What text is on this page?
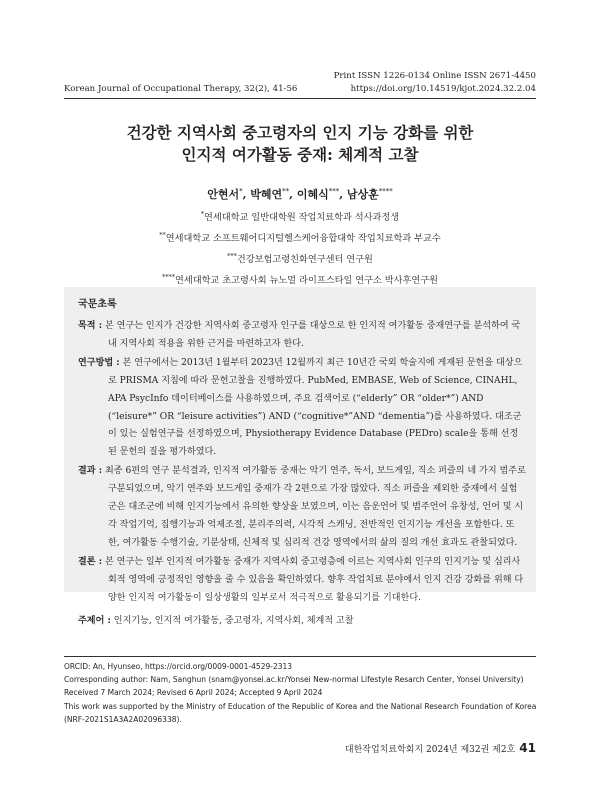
Print ISSN 1226-0134 Online ISSN 2671-4450
Korean Journal of Occupational Therapy, 32(2), 41-56	https://doi.org/10.14519/kjot.2024.32.2.04
건강한 지역사회 중고령자의 인지 기능 강화를 위한
인지적 여가활동 중재: 체계적 고찰
안현서*, 박혜연**, 이혜식***, 남상훈****
*연세대학교 일반대학원 작업치료학과 석사과정생
**연세대학교 소프트웨어디지털헬스케어융합대학 작업치료학과 부교수
***건강보험고령친화연구센터 연구원
****연세대학교 초고령사회 뉴노멀 라이프스타일 연구소 박사후연구원
국문초록
목적 : 본 연구는 인지가 건강한 지역사회 중고령자 인구를 대상으로 한 인지적 여가활동 중재연구를 분석하여 국내 지역사회 적용을 위한 근거를 마련하고자 한다.
연구방법 : 본 연구에서는 2013년 1월부터 2023년 12월까지 최근 10년간 국외 학술지에 게재된 문헌을 대상으로 PRISMA 지침에 따라 문헌고찰을 진행하였다. PubMed, EMBASE, Web of Science, CINAHL, APA PsycInfo 데이터베이스를 사용하였으며, 주요 검색어로 (“elderly” OR “older*”) AND (“leisure*” OR “leisure activities”) AND (“cognitive*”AND “dementia”)를 사용하였다. 대조군이 있는 실험연구를 선정하였으며, Physiotherapy Evidence Database (PEDro) scale을 통해 선정된 문헌의 질을 평가하였다.
결과 : 최종 6편의 연구 분석결과, 인지적 여가활동 중재는 악기 연주, 독서, 보드게임, 직소 퍼즐의 네 가지 범주로 구분되었으며, 악기 연주와 보드게임 중재가 각 2편으로 가장 많았다. 직소 퍼즐을 제외한 중재에서 실험군은 대조군에 비해 인지기능에서 유의한 향상을 보였으며, 이는 음운언어 및 범주언어 유창성, 언어 및 시각 작업기억, 집행기능과 억제조절, 분리주의력, 시각적 스캐닝, 전반적인 인지기능 개선을 포함한다. 또한, 여가활동 수행기술, 기분상태, 신체적 및 심리적 건강 영역에서의 삶의 질의 개선 효과도 관찰되었다.
결론 : 본 연구는 일부 인지적 여가활동 중재가 지역사회 중고령층에 이르는 지역사회 인구의 인지기능 및 심리사회적 영역에 긍정적인 영향을 줄 수 있음을 확인하였다. 향후 작업치료 분야에서 인지 건강 강화를 위해 다양한 인지적 여가활동이 일상생활의 일부로서 적극적으로 활용되기를 기대한다.
주제어 : 인지기능, 인지적 여가활동, 중고령자, 지역사회, 체계적 고찰
ORCID: An, Hyunseo, https://orcid.org/0009-0001-4529-2313
Corresponding author: Nam, Sanghun (snam@yonsei.ac.kr/Yonsei New-normal Lifestyle Resarch Center, Yonsei University)
Received 7 March 2024; Revised 6 April 2024; Accepted 9 April 2024
This work was supported by the Ministry of Education of the Republic of Korea and the National Research Foundation of Korea
(NRF-2021S1A3A2A02096338).
대한작업치료학회지 2024년 제32권 제2호 41
